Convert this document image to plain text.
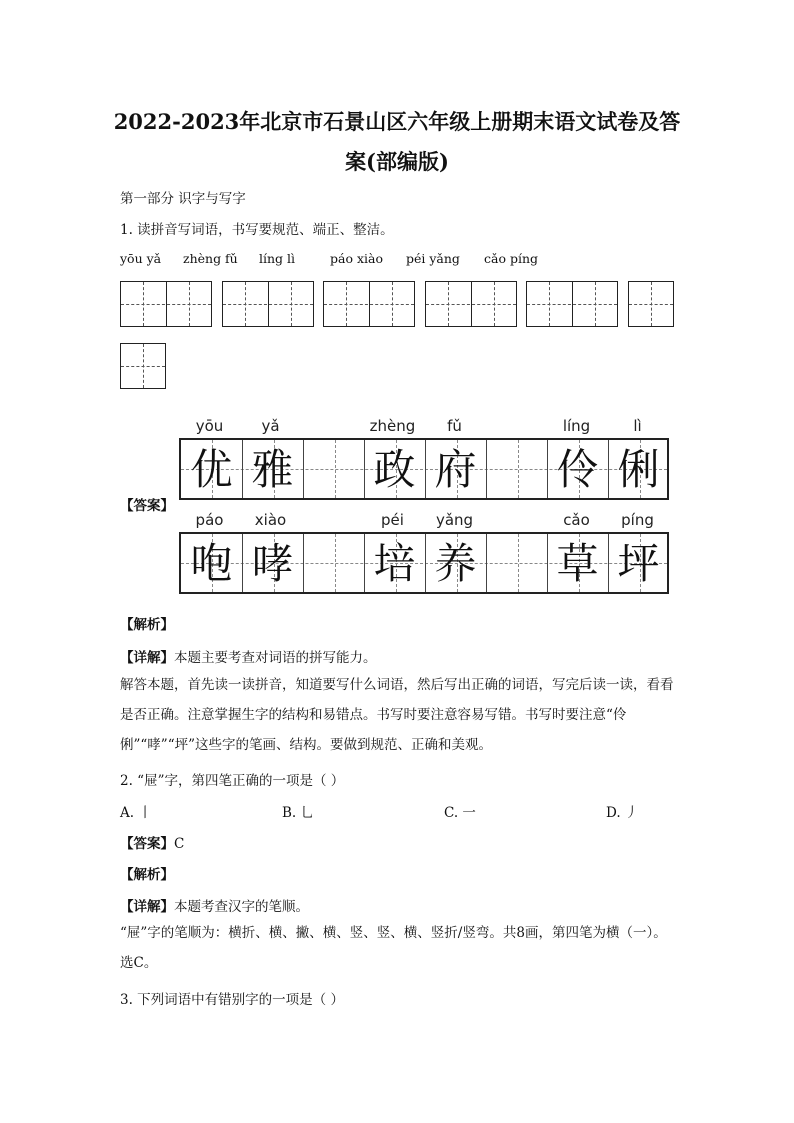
2022-2023年北京市石景山区六年级上册期末语文试卷及答
案(部编版)
第一部分 识字与写字
1. 读拼音写词语，书写要规范、端正、整洁。
yōu yǎ zhèng fǔ líng lì	páo xiào péi yǎng cǎo píng
【答案】
yōu	yǎ	zhèng	fǔ	líng	lì
优 雅 政 府 伶 俐
páo	xiào	péi	yǎng	cǎo	píng
咆 哮 培 养 草 坪
【解析】
【详解】本题主要考查对词语的拼写能力。
解答本题，首先读一读拼音，知道要写什么词语，然后写出正确的词语，写完后读一读，看看是否正确。注意掌握生字的结构和易错点。书写时要注意容易写错。书写时要注意“伶俐”“哮”“坪”这些字的笔画、结构。要做到规范、正确和美观。
2. “屉”字，第四笔正确的一项是（ ）
A. 丨	B. 乚	C. 一	D. 丿
【答案】C
【解析】
【详解】本题考查汉字的笔顺。
“屉”字的笔顺为：横折、横、撇、横、竖、竖、横、竖折/竖弯。共8画，第四笔为横（一）。选C。
3. 下列词语中有错别字的一项是（ ）
